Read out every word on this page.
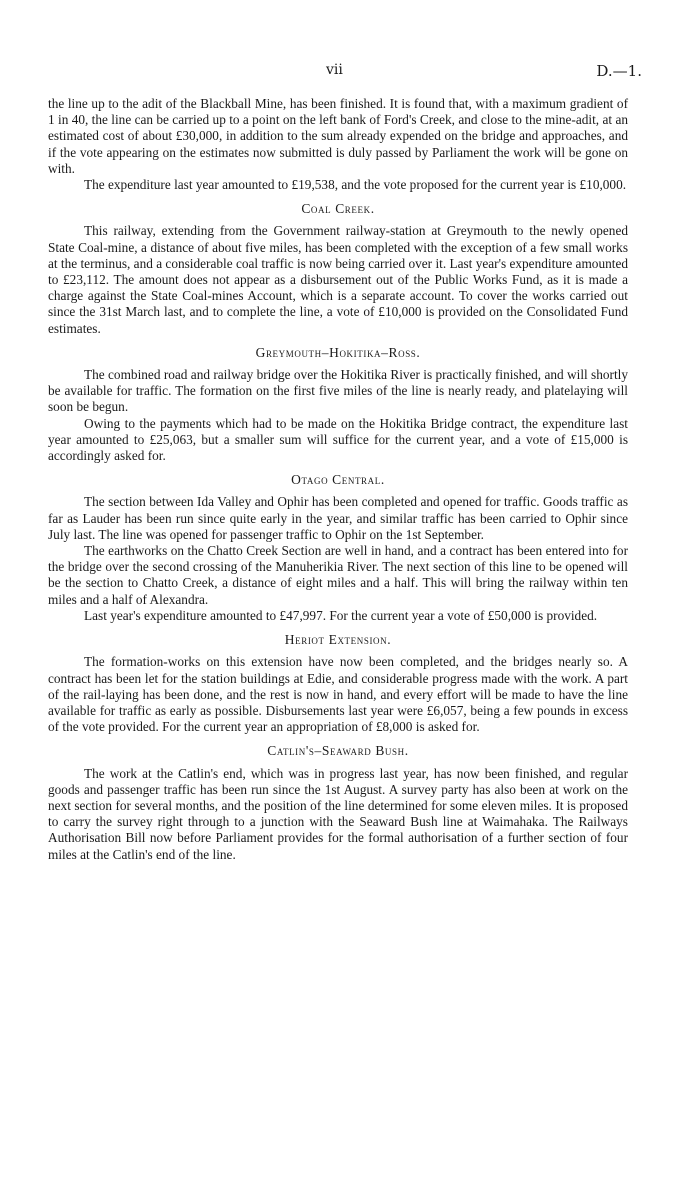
vii	D.—1.

the line up to the adit of the Blackball Mine, has been finished. It is found that, with a maximum gradient of 1 in 40, the line can be carried up to a point on the left bank of Ford's Creek, and close to the mine-adit, at an estimated cost of about £30,000, in addition to the sum already expended on the bridge and approaches, and if the vote appearing on the estimates now submitted is duly passed by Parliament the work will be gone on with.

The expenditure last year amounted to £19,538, and the vote proposed for the current year is £10,000.

Coal Creek.

This railway, extending from the Government railway-station at Greymouth to the newly opened State Coal-mine, a distance of about five miles, has been completed with the exception of a few small works at the terminus, and a considerable coal traffic is now being carried over it. Last year's expenditure amounted to £23,112. The amount does not appear as a disbursement out of the Public Works Fund, as it is made a charge against the State Coal-mines Account, which is a separate account. To cover the works carried out since the 31st March last, and to complete the line, a vote of £10,000 is provided on the Consolidated Fund estimates.

Greymouth–Hokitika–Ross.

The combined road and railway bridge over the Hokitika River is practically finished, and will shortly be available for traffic. The formation on the first five miles of the line is nearly ready, and platelaying will soon be begun.

Owing to the payments which had to be made on the Hokitika Bridge contract, the expenditure last year amounted to £25,063, but a smaller sum will suffice for the current year, and a vote of £15,000 is accordingly asked for.

Otago Central.

The section between Ida Valley and Ophir has been completed and opened for traffic. Goods traffic as far as Lauder has been run since quite early in the year, and similar traffic has been carried to Ophir since July last. The line was opened for passenger traffic to Ophir on the 1st September.

The earthworks on the Chatto Creek Section are well in hand, and a contract has been entered into for the bridge over the second crossing of the Manuherikia River. The next section of this line to be opened will be the section to Chatto Creek, a distance of eight miles and a half. This will bring the railway within ten miles and a half of Alexandra.

Last year's expenditure amounted to £47,997. For the current year a vote of £50,000 is provided.

Heriot Extension.

The formation-works on this extension have now been completed, and the bridges nearly so. A contract has been let for the station buildings at Edie, and considerable progress made with the work. A part of the rail-laying has been done, and the rest is now in hand, and every effort will be made to have the line available for traffic as early as possible. Disbursements last year were £6,057, being a few pounds in excess of the vote provided. For the current year an appropriation of £8,000 is asked for.

Catlin's–Seaward Bush.

The work at the Catlin's end, which was in progress last year, has now been finished, and regular goods and passenger traffic has been run since the 1st August. A survey party has also been at work on the next section for several months, and the position of the line determined for some eleven miles. It is proposed to carry the survey right through to a junction with the Seaward Bush line at Waimahaka. The Railways Authorisation Bill now before Parliament provides for the formal authorisation of a further section of four miles at the Catlin's end of the line.
